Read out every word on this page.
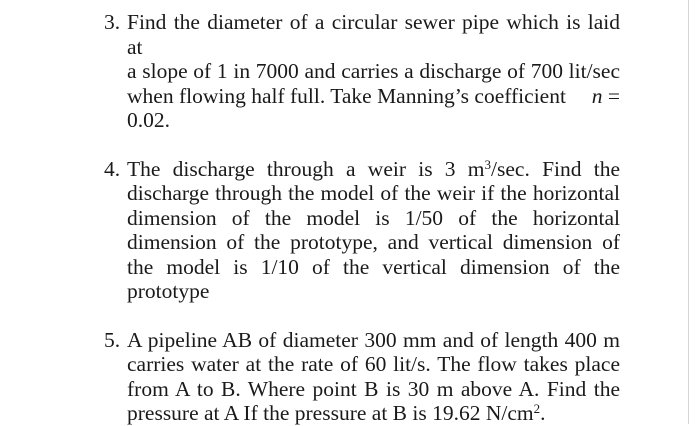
3. Find the diameter of a circular sewer pipe which is laid at
a slope of 1 in 7000 and carries a discharge of 700 lit/sec
when flowing half full. Take Manning’s coefficient n =
0.02.
4. The discharge through a weir is 3 $m^3/\sec$. Find the discharge through the model of the weir if the horizontal dimension of the model is 1/50 of the horizontal dimension of the prototype, and vertical dimension of the model is 1/10 of the vertical dimension of the prototype
5. A pipeline AB of diameter 300 mm and of length 400 m carries water at the rate of 60 lit/s. The flow takes place from A to B. Where point B is 30 m above A. Find the pressure at A If the pressure at B is 19.62 $N/cm^2$.
